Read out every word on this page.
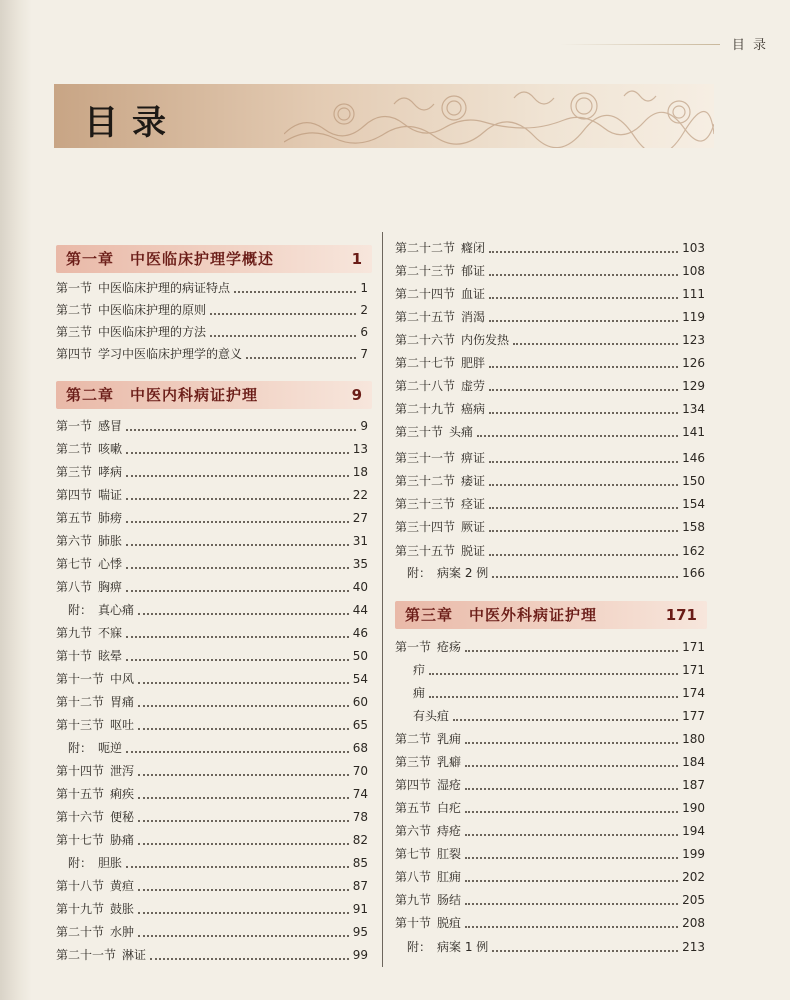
目 录
目录
第一章　中医临床护理学概述	1
第一节 中医临床护理的病证特点	1
第二节 中医临床护理的原则	2
第三节 中医临床护理的方法	6
第四节 学习中医临床护理学的意义	7
第二章　中医内科病证护理	9
第一节 感冒	9
第二节 咳嗽	13
第三节 哮病	18
第四节 喘证	22
第五节 肺痨	27
第六节 肺胀	31
第七节 心悸	35
第八节 胸痹	40
　附： 真心痛	44
第九节 不寐	46
第十节 眩晕	50
第十一节 中风	54
第十二节 胃痛	60
第十三节 呕吐	65
　附： 呃逆	68
第十四节 泄泻	70
第十五节 痢疾	74
第十六节 便秘	78
第十七节 胁痛	82
　附： 胆胀	85
第十八节 黄疸	87
第十九节 鼓胀	91
第二十节 水肿	95
第二十一节 淋证	99
第二十二节 癃闭	103
第二十三节 郁证	108
第二十四节 血证	111
第二十五节 消渴	119
第二十六节 内伤发热	123
第二十七节 肥胖	126
第二十八节 虚劳	129
第二十九节 癌病	134
第三十节 头痛	141
第三十一节 痹证	146
第三十二节 痿证	150
第三十三节 痉证	154
第三十四节 厥证	158
第三十五节 脱证	162
　附： 病案 2 例	166
第三章　中医外科病证护理	171
第一节 疮疡	171
　疖	171
　痈	174
　有头疽	177
第二节 乳痈	180
第三节 乳癖	184
第四节 湿疮	187
第五节 白疕	190
第六节 痔疮	194
第七节 肛裂	199
第八节 肛痈	202
第九节 肠结	205
第十节 脱疽	208
　附： 病案 1 例	213
